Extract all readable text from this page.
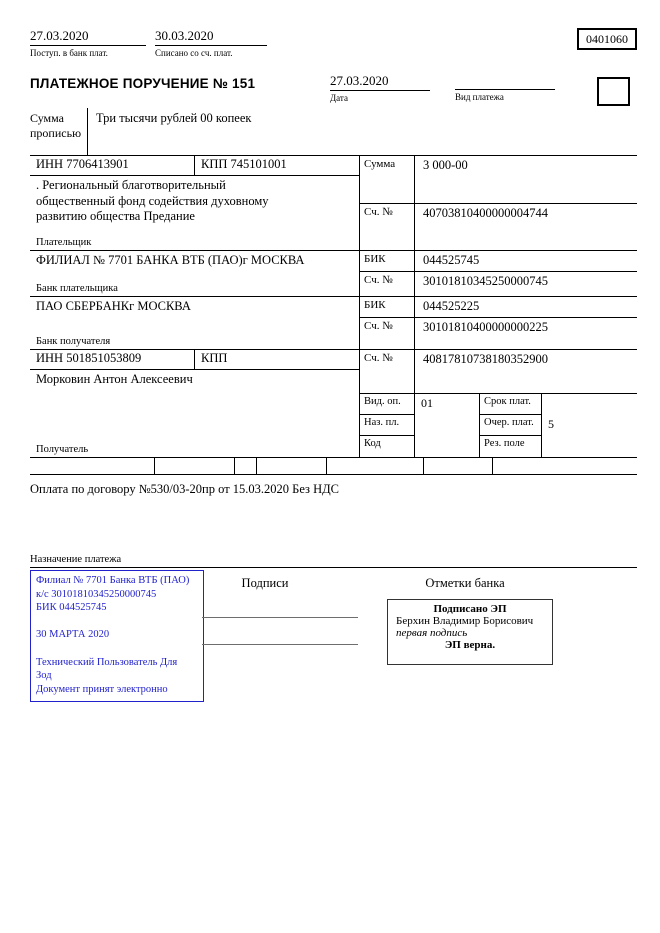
27.03.2020
Поступ. в банк плат.
30.03.2020
Списано со сч. плат.
0401060
ПЛАТЕЖНОЕ ПОРУЧЕНИЕ № 151	27.03.2020
Дата	Вид платежа
Сумма
прописью
Три тысячи рублей 00 копеек
ИНН 7706413901	КПП 745101001
. Региональный благотворительный
общественный фонд содействия духовному
развитию общества Предание
Плательщик
Сумма	3 000-00
Сч. №	40703810400000004744
ФИЛИАЛ № 7701 БАНКА ВТБ (ПАО)г МОСКВА
Банк плательщика
БИК	044525745
Сч. №	30101810345250000745
ПАО СБЕРБАНКг МОСКВА
Банк получателя
БИК	044525225
Сч. №	30101810400000000225
ИНН 501851053809	КПП
Морковин Антон Алексеевич
Получатель
Сч. №	40817810738180352900
Вид. оп.	01	Срок плат.
Наз. пл.	Очер. плат.	5
Код	Рез. поле
Оплата по договору №530/03-20пр от 15.03.2020 Без НДС
Назначение платежа
Филиал № 7701 Банка ВТБ (ПАО)
к/с 30101810345250000745
БИК 044525745
30 МАРТА 2020
Технический Пользователь Для
Зод
Документ принят электронно
Подписи	Отметки банка
Подписано ЭП
Берхин Владимир Борисович
первая подпись
ЭП верна.
